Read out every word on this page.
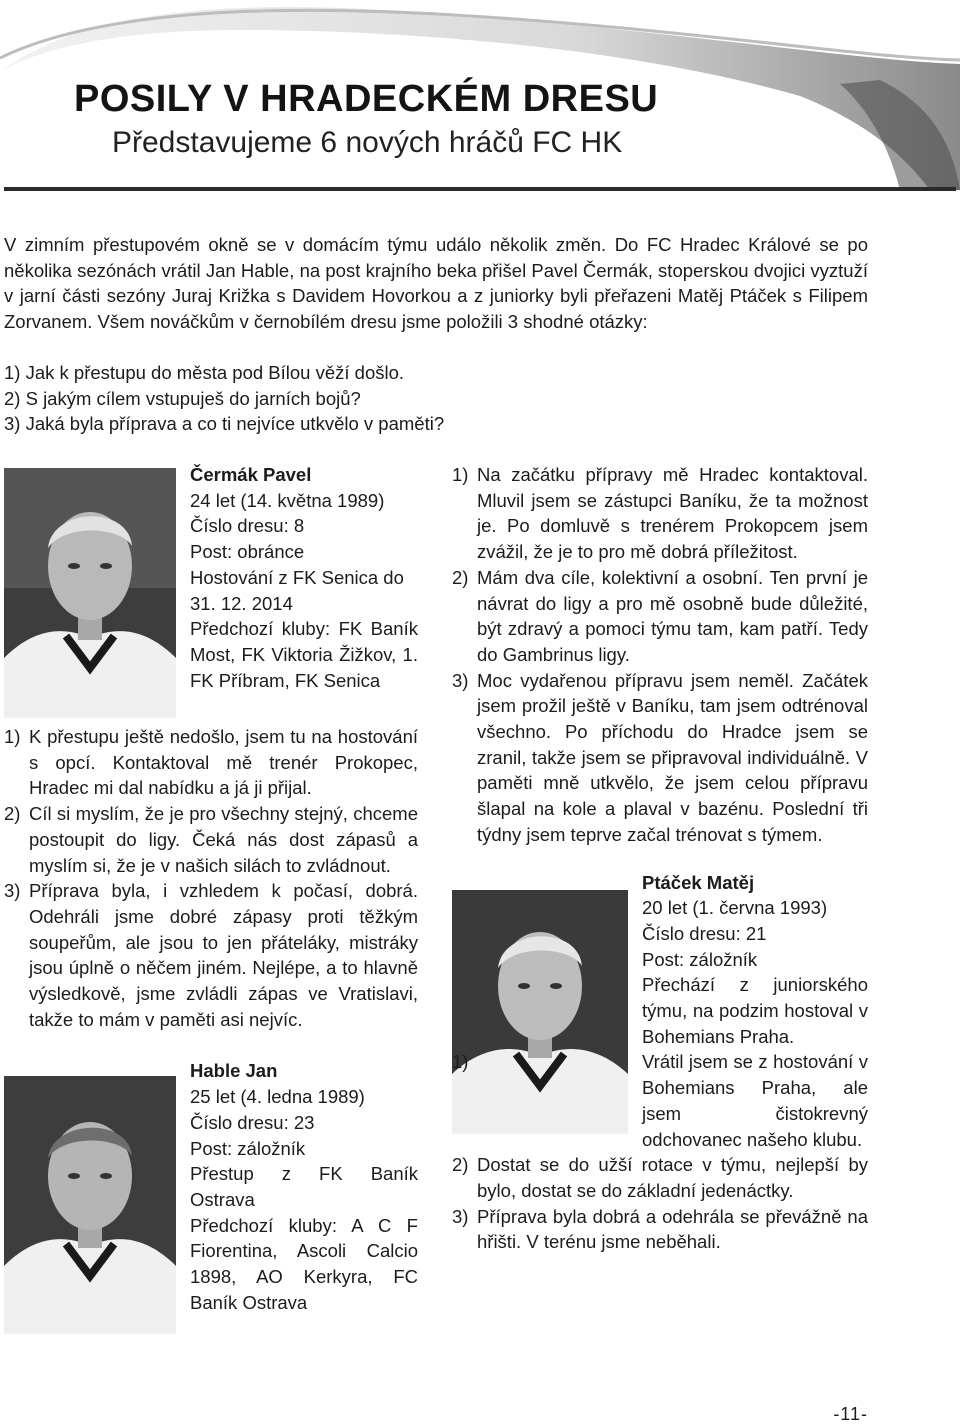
POSILY V HRADECKÉM DRESU
Představujeme 6 nových hráčů FC HK

V zimním přestupovém okně se v domácím týmu událo několik změn. Do FC Hradec Králové se po několika sezónách vrátil Jan Hable, na post krajního beka přišel Pavel Čermák, stoperskou dvojici vyztuží v jarní části sezóny Juraj Križka s Davidem Hovorkou a z juniorky byli přeřazeni Matěj Ptáček s Filipem Zorvanem. Všem nováčkům v černobílém dresu jsme položili 3 shodné otázky:

1) Jak k přestupu do města pod Bílou věží došlo.
2) S jakým cílem vstupuješ do jarních bojů?
3) Jaká byla příprava a co ti nejvíce utkvělo v paměti?

Čermák Pavel

24 let (14. května 1989)

Číslo dresu: 8

Post: obránce

Hostování z FK Senica do 31. 12. 2014

Předchozí kluby: FK Baník Most, FK Viktoria Žižkov, 1. FK Příbram, FK Senica

1) K přestupu ještě nedošlo, jsem tu na hostování s opcí. Kontaktoval mě trenér Prokopec, Hradec mi dal nabídku a já ji přijal.
2) Cíl si myslím, že je pro všechny stejný, chceme postoupit do ligy. Čeká nás dost zápasů a myslím si, že je v našich silách to zvládnout.
3) Příprava byla, i vzhledem k počasí, dobrá. Odehráli jsme dobré zápasy proti těžkým soupeřům, ale jsou to jen přáteláky, mistráky jsou úplně o něčem jiném. Nejlépe, a to hlavně výsledkově, jsme zvládli zápas ve Vratislavi, takže to mám v paměti asi nejvíc.

Hable Jan

25 let (4. ledna 1989)

Číslo dresu: 23

Post: záložník

Přestup z FK Baník Ostrava

Předchozí kluby: A C F Fiorentina, Ascoli Calcio 1898, AO Kerkyra, FC Baník Ostrava

1) Na začátku přípravy mě Hradec kontaktoval. Mluvil jsem se zástupci Baníku, že ta možnost je. Po domluvě s trenérem Prokopcem jsem zvážil, že je to pro mě dobrá příležitost.
2) Mám dva cíle, kolektivní a osobní. Ten první je návrat do ligy a pro mě osobně bude důležité, být zdravý a pomoci týmu tam, kam patří. Tedy do Gambrinus ligy.
3) Moc vydařenou přípravu jsem neměl. Začátek jsem prožil ještě v Baníku, tam jsem odtrénoval všechno. Po příchodu do Hradce jsem se zranil, takže jsem se připravoval individuálně. V paměti mně utkvělo, že jsem celou přípravu šlapal na kole a plaval v bazénu. Poslední tři týdny jsem teprve začal trénovat s týmem.

Ptáček Matěj

20 let (1. června 1993)

Číslo dresu: 21

Post: záložník

Přechází z juniorského týmu, na podzim hostoval v Bohemians Praha.

1)	Vrátil jsem se z hostování v Bohemians Praha, ale jsem čistokrevný odchovanec našeho klubu.
2) Dostat se do užší rotace v týmu, nejlepší by bylo, dostat se do základní jedenáctky.
3) Příprava byla dobrá a odehrála se převážně na hřišti. V terénu jsme neběhali.
-11-
